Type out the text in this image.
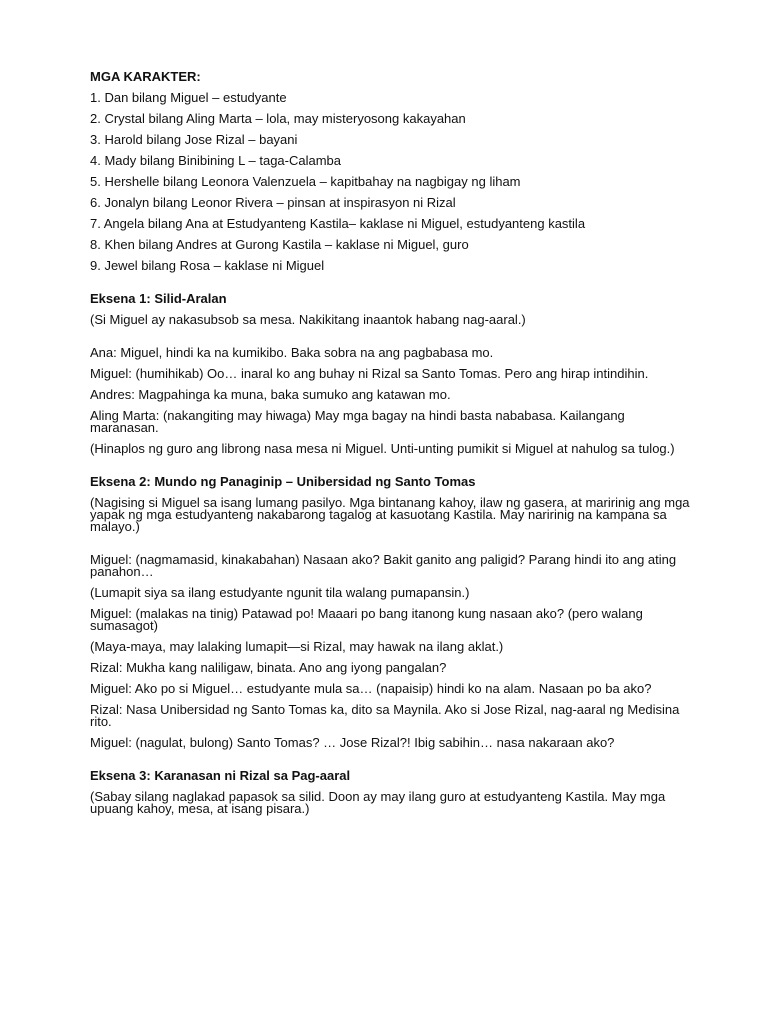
MGA KARAKTER:

1. Dan bilang Miguel – estudyante

2. Crystal bilang Aling Marta – lola, may misteryosong kakayahan

3. Harold bilang Jose Rizal – bayani

4. Mady bilang Binibining L – taga-Calamba

5. Hershelle bilang Leonora Valenzuela – kapitbahay na nagbigay ng liham

6. Jonalyn bilang Leonor Rivera – pinsan at inspirasyon ni Rizal

7. Angela bilang Ana at Estudyanteng Kastila– kaklase ni Miguel, estudyanteng kastila

8. Khen bilang Andres at Gurong Kastila – kaklase ni Miguel, guro

9. Jewel bilang Rosa – kaklase ni Miguel

Eksena 1: Silid-Aralan

(Si Miguel ay nakasubsob sa mesa. Nakikitang inaantok habang nag-aaral.)

Ana: Miguel, hindi ka na kumikibo. Baka sobra na ang pagbabasa mo.

Miguel: (humihikab) Oo… inaral ko ang buhay ni Rizal sa Santo Tomas. Pero ang hirap intindihin.

Andres: Magpahinga ka muna, baka sumuko ang katawan mo.

Aling Marta: (nakangiting may hiwaga) May mga bagay na hindi basta nababasa. Kailangang maranasan.

(Hinaplos ng guro ang librong nasa mesa ni Miguel. Unti-unting pumikit si Miguel at nahulog sa tulog.)

Eksena 2: Mundo ng Panaginip – Unibersidad ng Santo Tomas

(Nagising si Miguel sa isang lumang pasilyo. Mga bintanang kahoy, ilaw ng gasera, at maririnig ang mga yapak ng mga estudyanteng nakabarong tagalog at kasuotang Kastila. May naririnig na kampana sa malayo.)

Miguel: (nagmamasid, kinakabahan) Nasaan ako? Bakit ganito ang paligid? Parang hindi ito ang ating panahon…

(Lumapit siya sa ilang estudyante ngunit tila walang pumapansin.)

Miguel: (malakas na tinig) Patawad po! Maaari po bang itanong kung nasaan ako? (pero walang sumasagot)

(Maya-maya, may lalaking lumapit—si Rizal, may hawak na ilang aklat.)

Rizal: Mukha kang naliligaw, binata. Ano ang iyong pangalan?

Miguel: Ako po si Miguel… estudyante mula sa… (napaisip) hindi ko na alam. Nasaan po ba ako?

Rizal: Nasa Unibersidad ng Santo Tomas ka, dito sa Maynila. Ako si Jose Rizal, nag-aaral ng Medisina rito.

Miguel: (nagulat, bulong) Santo Tomas? … Jose Rizal?! Ibig sabihin… nasa nakaraan ako?

Eksena 3: Karanasan ni Rizal sa Pag-aaral

(Sabay silang naglakad papasok sa silid. Doon ay may ilang guro at estudyanteng Kastila. May mga upuang kahoy, mesa, at isang pisara.)
